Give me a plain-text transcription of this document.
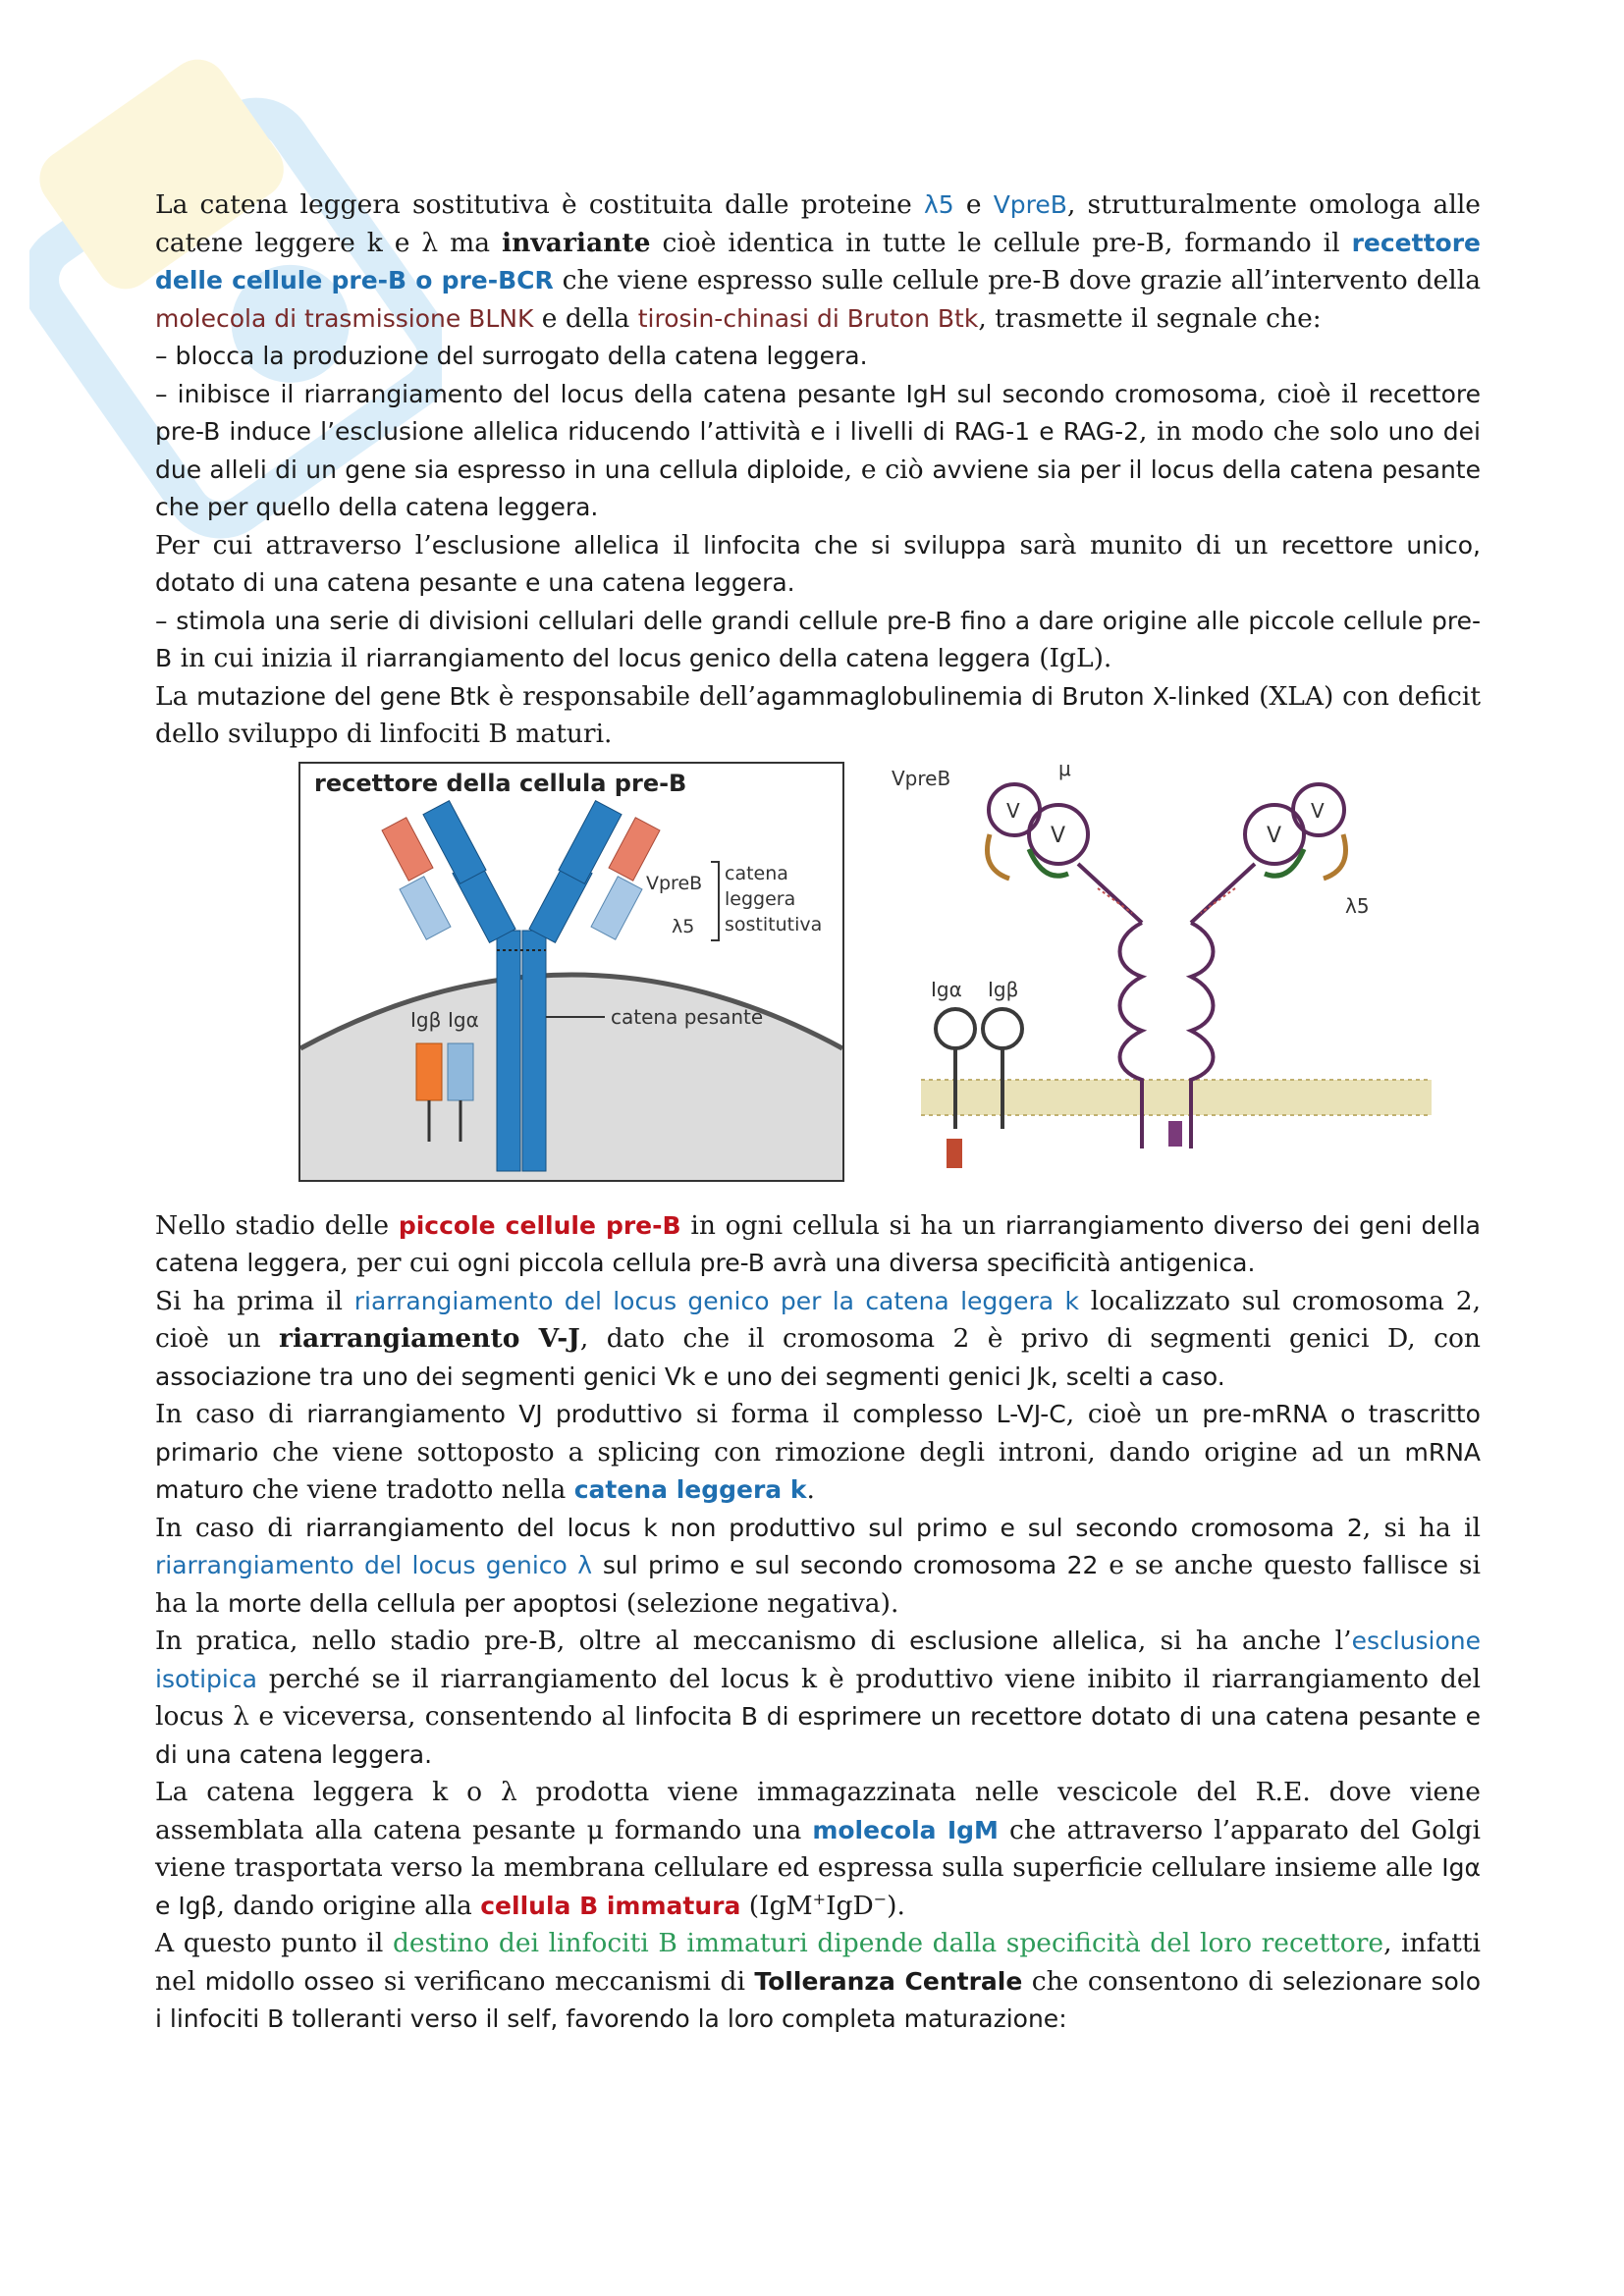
La catena leggera sostitutiva è costituita dalle proteine λ5 e VpreB, strutturalmente omologa alle catene leggere k e λ ma invariante cioè identica in tutte le cellule pre-B, formando il recettore delle cellule pre-B o pre-BCR che viene espresso sulle cellule pre-B dove grazie all’intervento della molecola di trasmissione BLNK e della tirosin-chinasi di Bruton Btk, trasmette il segnale che:

– blocca la produzione del surrogato della catena leggera.

– inibisce il riarrangiamento del locus della catena pesante IgH sul secondo cromosoma, cioè il recettore pre-B induce l’esclusione allelica riducendo l’attività e i livelli di RAG-1 e RAG-2, in modo che solo uno dei due alleli di un gene sia espresso in una cellula diploide, e ciò avviene sia per il locus della catena pesante che per quello della catena leggera.

Per cui attraverso l’esclusione allelica il linfocita che si sviluppa sarà munito di un recettore unico, dotato di una catena pesante e una catena leggera.

– stimola una serie di divisioni cellulari delle grandi cellule pre-B fino a dare origine alle piccole cellule pre-B in cui inizia il riarrangiamento del locus genico della catena leggera (IgL).

La mutazione del gene Btk è responsabile dell’agammaglobulinemia di Bruton X-linked (XLA) con deficit dello sviluppo di linfociti B maturi.

recettore della cellula pre-B
VpreB
λ5
catena
leggera
sostitutiva
catena pesante
Igβ Igα
VpreB	μ
λ5
Igα Igβ
V	V
V	V

Nello stadio delle piccole cellule pre-B in ogni cellula si ha un riarrangiamento diverso dei geni della catena leggera, per cui ogni piccola cellula pre-B avrà una diversa specificità antigenica.

Si ha prima il riarrangiamento del locus genico per la catena leggera k localizzato sul cromosoma 2, cioè un riarrangiamento V-J, dato che il cromosoma 2 è privo di segmenti genici D, con associazione tra uno dei segmenti genici Vk e uno dei segmenti genici Jk, scelti a caso.

In caso di riarrangiamento VJ produttivo si forma il complesso L-VJ-C, cioè un pre-mRNA o trascritto primario che viene sottoposto a splicing con rimozione degli introni, dando origine ad un mRNA maturo che viene tradotto nella catena leggera k.

In caso di riarrangiamento del locus k non produttivo sul primo e sul secondo cromosoma 2, si ha il riarrangiamento del locus genico λ sul primo e sul secondo cromosoma 22 e se anche questo fallisce si ha la morte della cellula per apoptosi (selezione negativa).

In pratica, nello stadio pre-B, oltre al meccanismo di esclusione allelica, si ha anche l’esclusione isotipica perché se il riarrangiamento del locus k è produttivo viene inibito il riarrangiamento del locus λ e viceversa, consentendo al linfocita B di esprimere un recettore dotato di una catena pesante e di una catena leggera.

La catena leggera k o λ prodotta viene immagazzinata nelle vescicole del R.E. dove viene assemblata alla catena pesante μ formando una molecola IgM che attraverso l’apparato del Golgi viene trasportata verso la membrana cellulare ed espressa sulla superficie cellulare insieme alle Igα e Igβ, dando origine alla cellula B immatura (IgM+IgD−).

A questo punto il destino dei linfociti B immaturi dipende dalla specificità del loro recettore, infatti nel midollo osseo si verificano meccanismi di Tolleranza Centrale che consentono di selezionare solo i linfociti B tolleranti verso il self, favorendo la loro completa maturazione:
